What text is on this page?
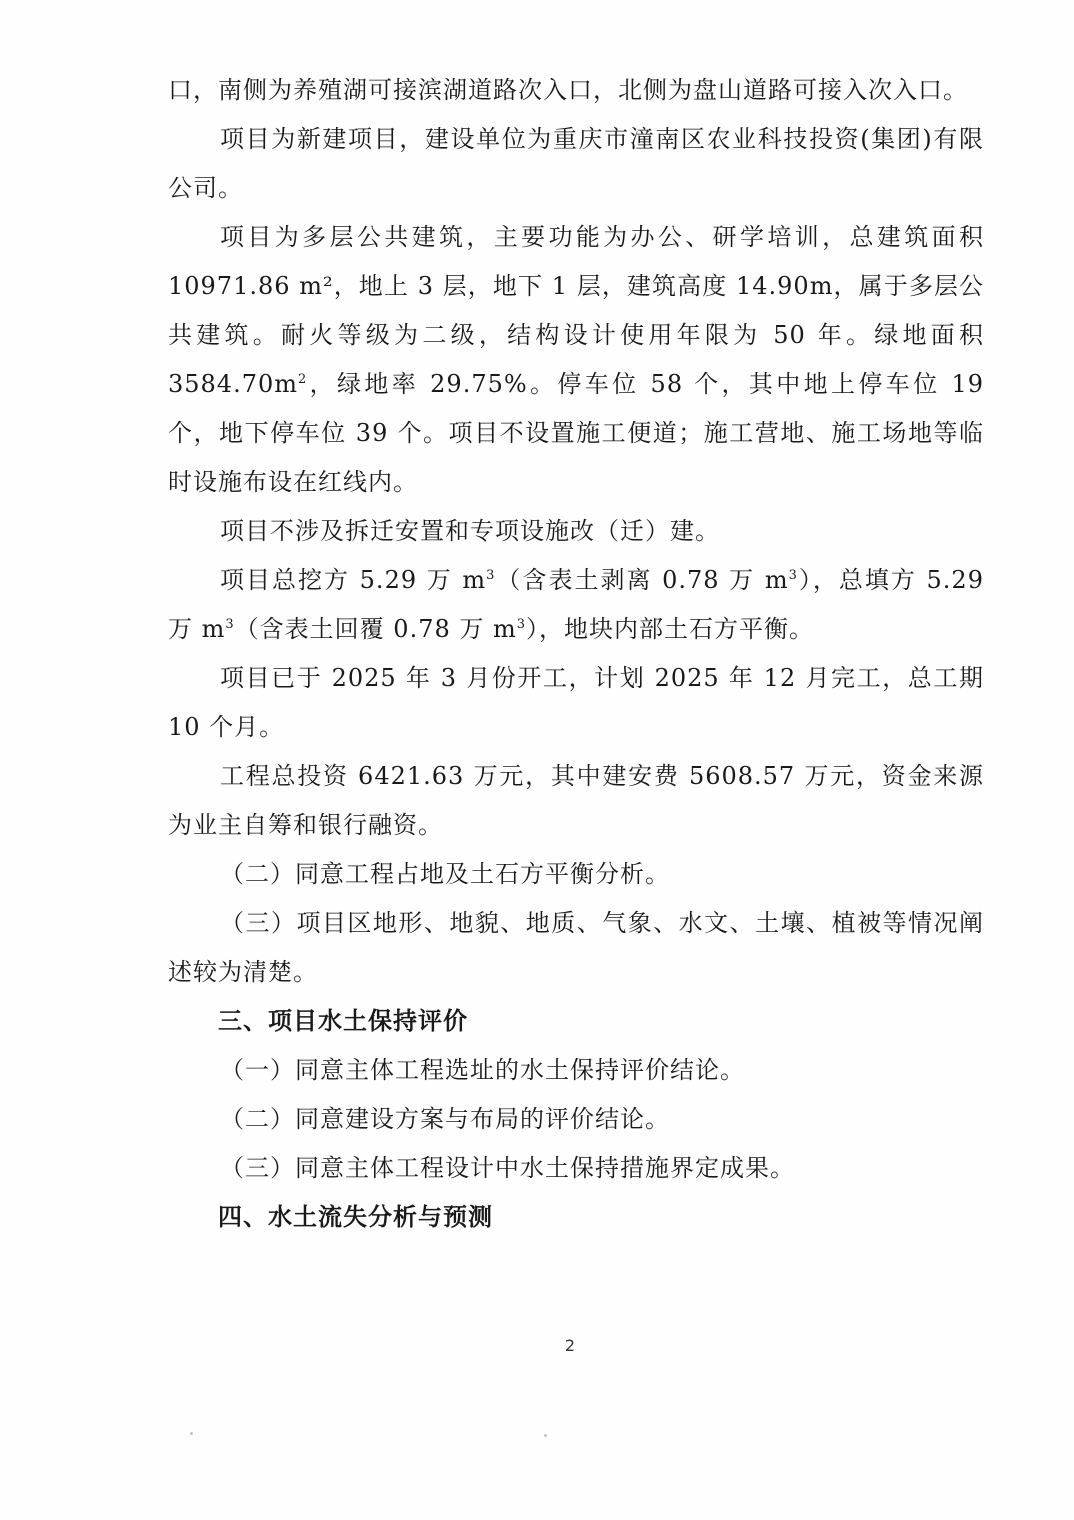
口，南侧为养殖湖可接滨湖道路次入口，北侧为盘山道路可接入次入口。

项目为新建项目，建设单位为重庆市潼南区农业科技投资(集团)有限公司。

项目为多层公共建筑，主要功能为办公、研学培训，总建筑面积 10971.86 m²，地上 3 层，地下 1 层，建筑高度 14.90m，属于多层公共建筑。耐火等级为二级，结构设计使用年限为 50 年。绿地面积 $3584.70m^2$，绿地率 29.75%。停车位 58 个，其中地上停车位 19 个，地下停车位 39 个。项目不设置施工便道；施工营地、施工场地等临时设施布设在红线内。

项目不涉及拆迁安置和专项设施改（迁）建。

项目总挖方 5.29 万 $m^3$（含表土剥离 0.78 万 $m^3$），总填方 5.29 万 $m^3$（含表土回覆 0.78 万 $m^3$），地块内部土石方平衡。

项目已于 2025 年 3 月份开工，计划 2025 年 12 月完工，总工期 10 个月。

工程总投资 6421.63 万元，其中建安费 5608.57 万元，资金来源为业主自筹和银行融资。

（二）同意工程占地及土石方平衡分析。

（三）项目区地形、地貌、地质、气象、水文、土壤、植被等情况阐述较为清楚。

三、项目水土保持评价

（一）同意主体工程选址的水土保持评价结论。

（二）同意建设方案与布局的评价结论。

（三）同意主体工程设计中水土保持措施界定成果。

四、水土流失分析与预测

2
